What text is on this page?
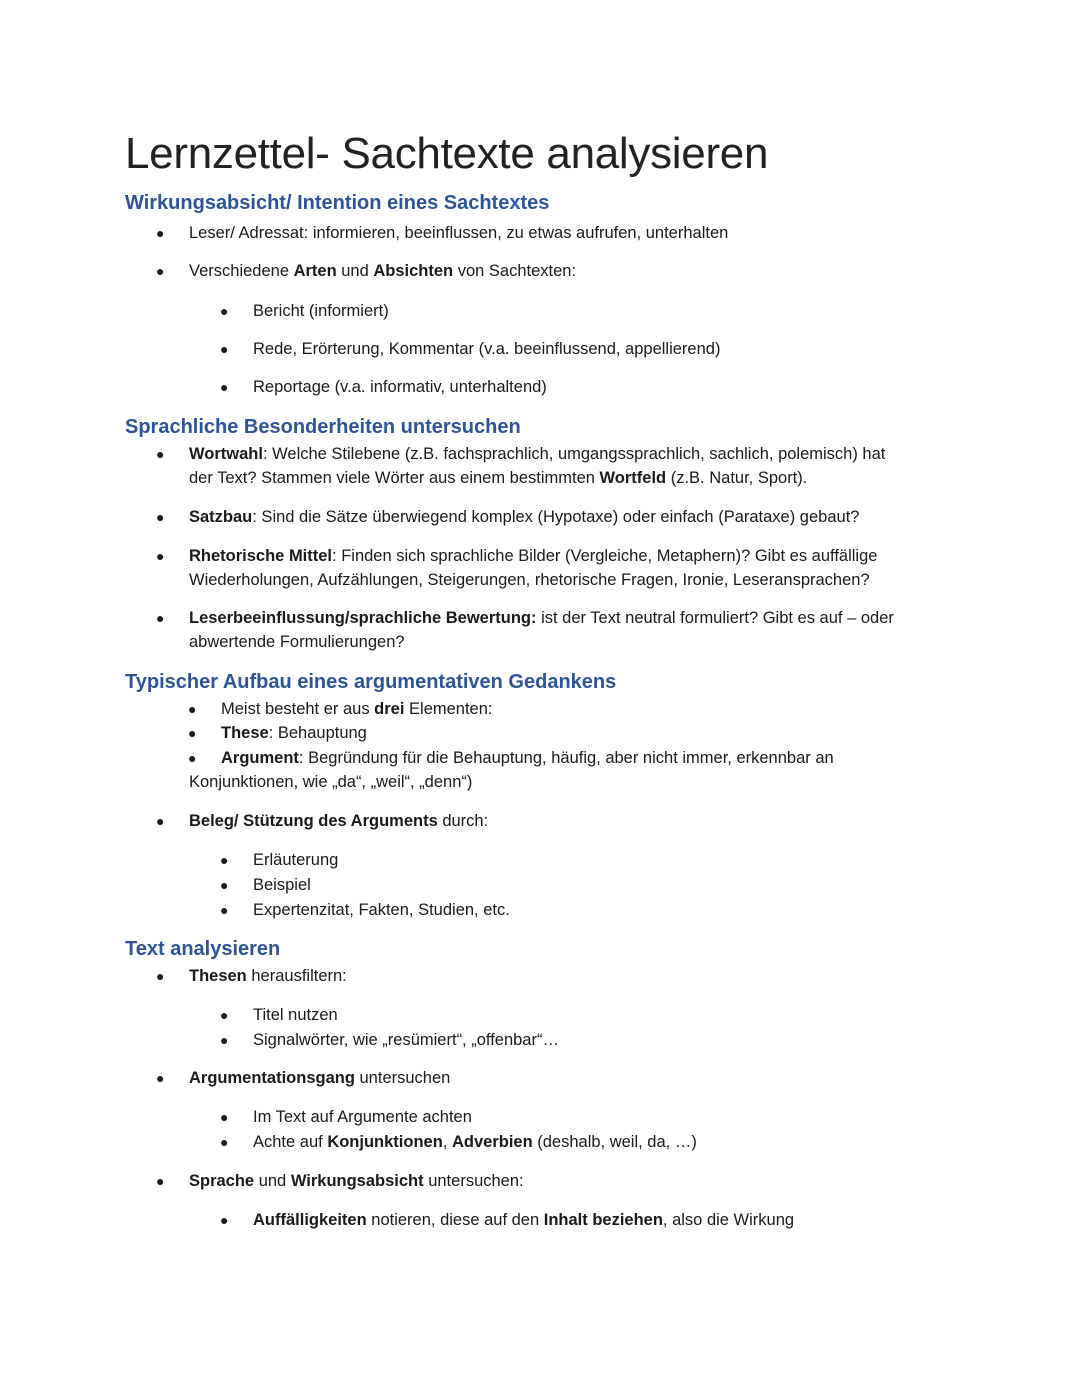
Lernzettel- Sachtexte analysieren
Wirkungsabsicht/ Intention eines Sachtextes
● Leser/ Adressat: informieren, beeinflussen, zu etwas aufrufen, unterhalten
● Verschiedene Arten und Absichten von Sachtexten:
● Bericht (informiert)
● Rede, Erörterung, Kommentar (v.a. beeinflussend, appellierend)
● Reportage (v.a. informativ, unterhaltend)
Sprachliche Besonderheiten untersuchen
● Wortwahl: Welche Stilebene (z.B. fachsprachlich, umgangssprachlich, sachlich, polemisch) hat
der Text? Stammen viele Wörter aus einem bestimmten Wortfeld (z.B. Natur, Sport).
● Satzbau: Sind die Sätze überwiegend komplex (Hypotaxe) oder einfach (Parataxe) gebaut?
● Rhetorische Mittel: Finden sich sprachliche Bilder (Vergleiche, Metaphern)? Gibt es auffällige
Wiederholungen, Aufzählungen, Steigerungen, rhetorische Fragen, Ironie, Leseransprachen?
● Leserbeeinflussung/sprachliche Bewertung: ist der Text neutral formuliert? Gibt es auf – oder
abwertende Formulierungen?
Typischer Aufbau eines argumentativen Gedankens
● Meist besteht er aus drei Elementen:
● These: Behauptung
● Argument: Begründung für die Behauptung, häufig, aber nicht immer, erkennbar an
Konjunktionen, wie „da“, „weil“, „denn“)
● Beleg/ Stützung des Arguments durch:
● Erläuterung
● Beispiel
● Expertenzitat, Fakten, Studien, etc.
Text analysieren
● Thesen herausfiltern:
● Titel nutzen
● Signalwörter, wie „resümiert“, „offenbar“…
● Argumentationsgang untersuchen
● Im Text auf Argumente achten
● Achte auf Konjunktionen, Adverbien (deshalb, weil, da, …)
● Sprache und Wirkungsabsicht untersuchen:
● Auffälligkeiten notieren, diese auf den Inhalt beziehen, also die Wirkung
